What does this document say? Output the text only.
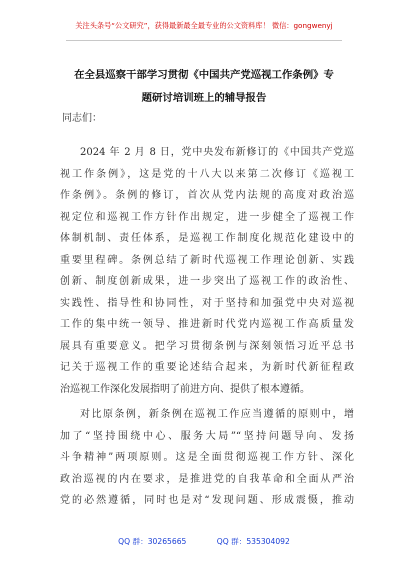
关注头条号“公文研究”，获得最新最全最专业的公文资料库！ 微信：gongwenyj
在全县巡察干部学习贯彻《中国共产党巡视工作条例》专
题研讨培训班上的辅导报告
同志们：
2024 年 2 月 8 日，党中央发布新修订的《中国共产党巡
视工作条例》，这是党的十八大以来第二次修订《巡视工
作条例》。条例的修订，首次从党内法规的高度对政治巡
视定位和巡视工作方针作出规定，进一步健全了巡视工作
体制机制、责任体系，是巡视工作制度化规范化建设中的
重要里程碑。条例总结了新时代巡视工作理论创新、实践
创新、制度创新成果，进一步突出了巡视工作的政治性、
实践性、指导性和协同性，对于坚持和加强党中央对巡视
工作的集中统一领导、推进新时代党内巡视工作高质量发
展具有重要意义。把学习贯彻条例与深刻领悟习近平总书
记关于巡视工作的重要论述结合起来，为新时代新征程政
治巡视工作深化发展指明了前进方向、提供了根本遵循。
对比原条例，新条例在巡视工作应当遵循的原则中，增
加了“坚持围绕中心、服务大局”“坚持问题导向、发扬
斗争精神”两项原则。这是全面贯彻巡视工作方针、深化
政治巡视的内在要求，是推进党的自我革命和全面从严治
党的必然遵循，同时也是对“发现问题、形成震慑，推动
QQ 群：30265665	QQ 群：535304092
